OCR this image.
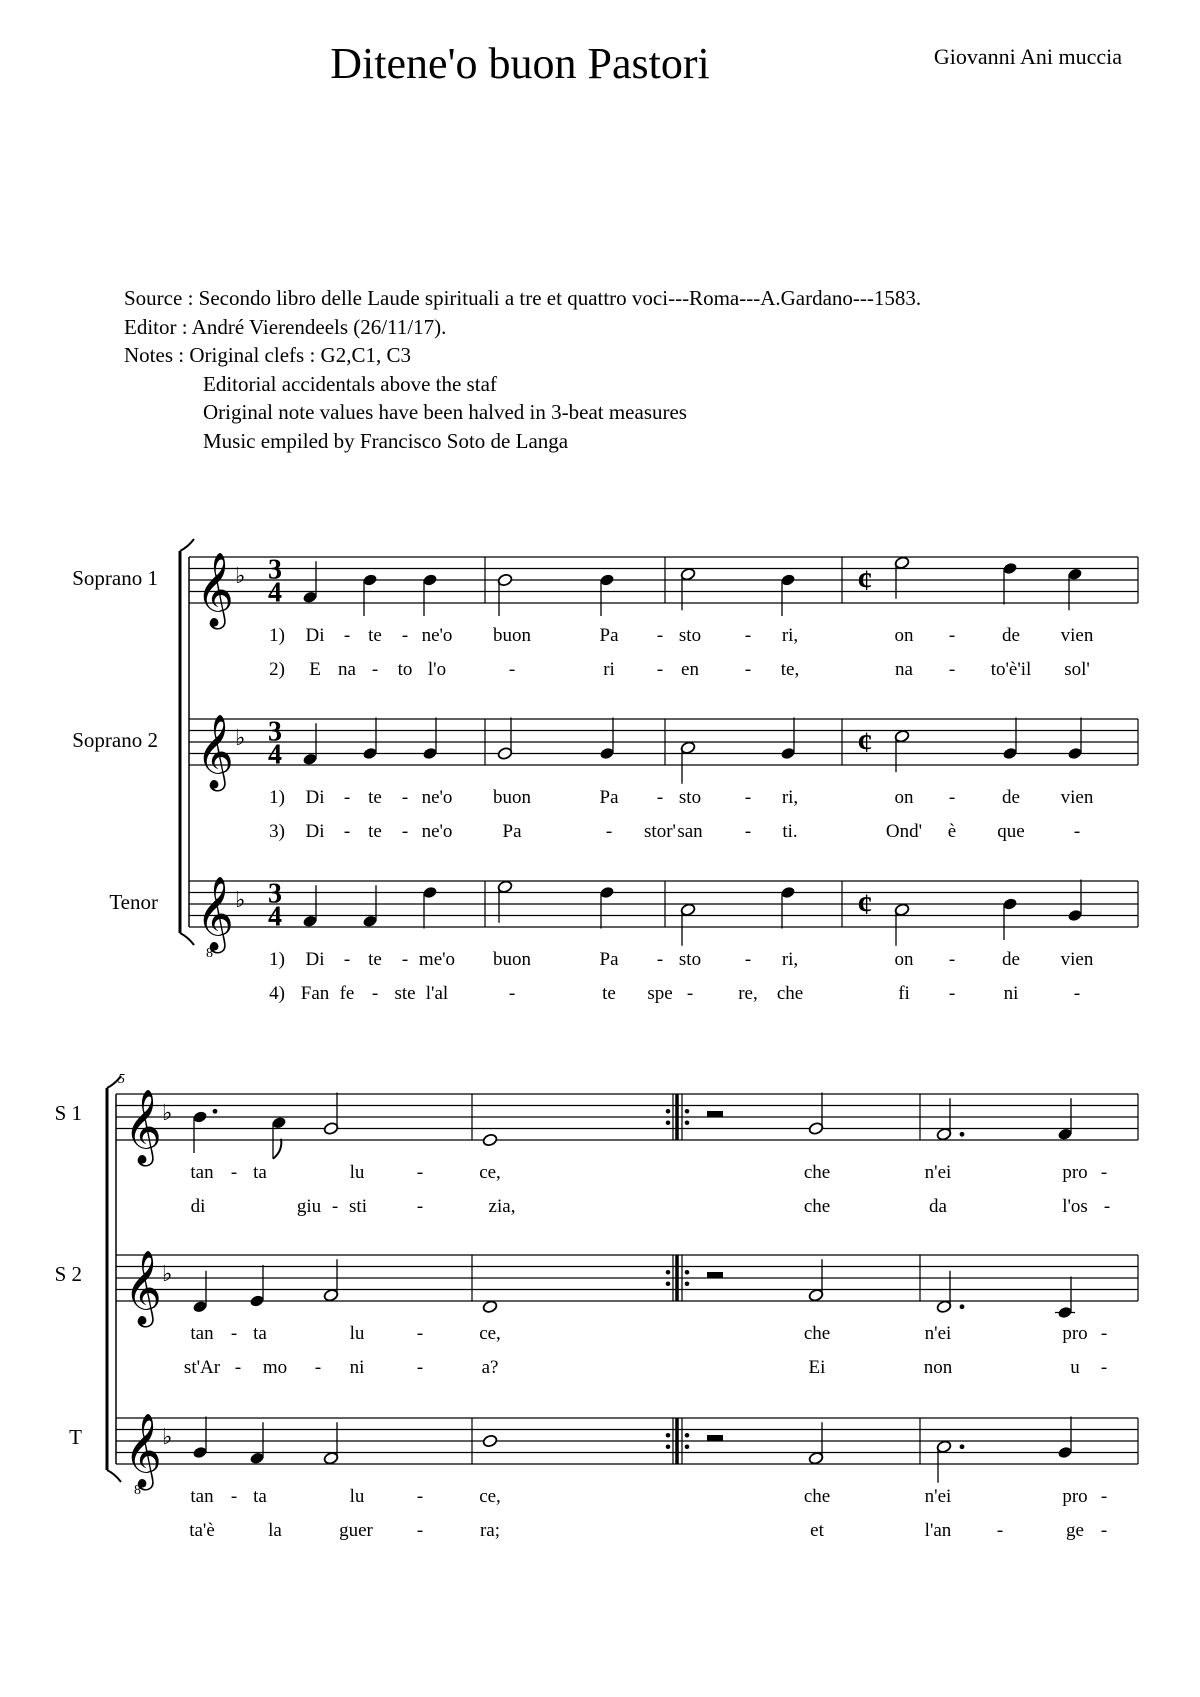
Ditene'o buon Pastori	Giovanni Ani muccia
Source : Secondo libro delle Laude spirituali a tre et quattro voci---Roma---A.Gardano---1583.
Editor : André Vierendeels (26/11/17).
Notes : Original clefs : G2,C1, C3
Editorial accidentals above the staf
Original note values have been halved in 3-beat measures
Music empiled by Francisco Soto de Langa
𝄞 ♭ 3
4	¢
𝄞 ♭ 3
4	¢
𝄞
8
♭ 3
4	¢
Soprano 1
Soprano 2
Tenor
1) Di - te - ne'o buon	Pa - sto - ri,	on - de vien
2) E na - to l'o	-	ri - en - te,	na - to'è'il sol'
1) Di - te - ne'o buon	Pa - sto - ri,	on - de vien
3) Di - te - ne'o	Pa	- stor' san - ti.	Ond' è que	-
1) Di - te - me'o buon	Pa - sto - ri,	on - de vien
4) Fan fe - ste l'al	-	te spe - re, che	fi -	ni	-
5
𝄞 ♭
𝄞 ♭
𝄞
8
♭
S 1
S 2
T
tan - ta	lu	-	ce,	che	n'ei	pro -
di	giu - sti	-	zia,	che	da	l'os -
tan - ta	lu	-	ce,	che	n'ei	pro -
st'Ar - mo - ni	-	a?	Ei	non	u -
tan - ta	lu	-	ce,	che	n'ei	pro -
ta'è	la	guer -	ra;	et	l'an -	ge -
